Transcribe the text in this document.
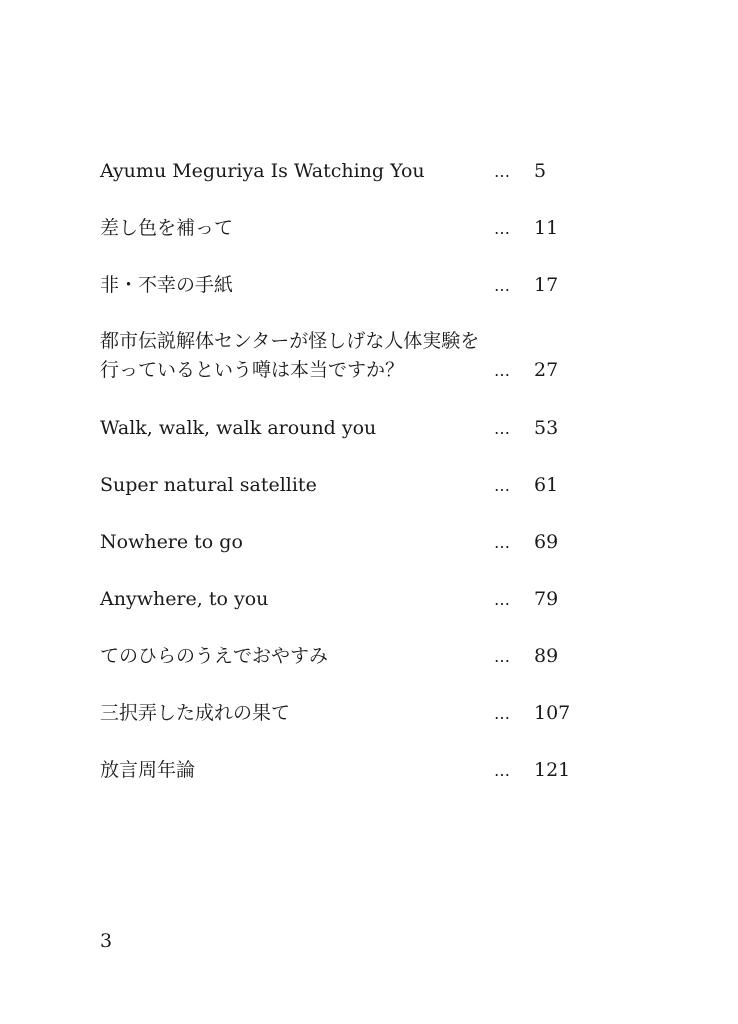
Ayumu Meguriya Is Watching You	… 5
差し色を補って	… 11
非・不幸の手紙	… 17
都市伝説解体センターが怪しげな人体実験を
行っているという噂は本当ですか？	… 27
Walk, walk, walk around you	… 53
Super natural satellite	… 61
Nowhere to go	… 69
Anywhere, to you	… 79
てのひらのうえでおやすみ	… 89
三択弄した成れの果て	… 107
放言周年論	… 121
3
